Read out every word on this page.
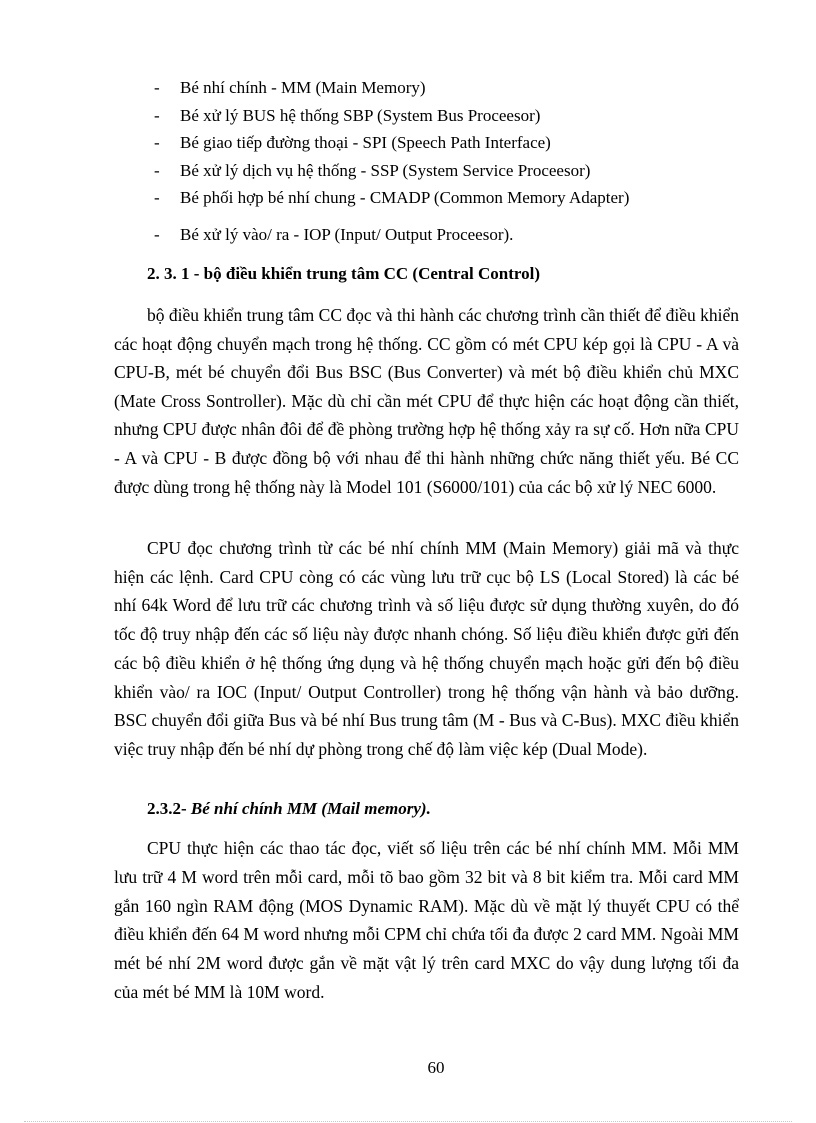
- Bé nhí chính - MM (Main Memory)
- Bé xử lý BUS hệ thống SBP (System Bus Proceesor)
- Bé giao tiếp đường thoại - SPI (Speech Path Interface)
- Bé xử lý dịch vụ hệ thống - SSP (System Service Proceesor)
- Bé phối hợp bé nhí chung - CMADP (Common Memory Adapter)
- Bé xử lý vào/ ra - IOP (Input/ Output Proceesor).
2. 3. 1 - bộ điều khiển trung tâm CC (Central Control)

bộ điều khiển trung tâm CC đọc và thi hành các chương trình cần thiết để điều khiển các hoạt động chuyển mạch trong hệ thống. CC gồm có mét CPU kép gọi là CPU - A và CPU-B, mét bé chuyển đổi Bus BSC (Bus Converter) và mét bộ điều khiển chủ MXC (Mate Cross Sontroller). Mặc dù chỉ cần mét CPU để thực hiện các hoạt động cần thiết, nhưng CPU được nhân đôi để đề phòng trường hợp hệ thống xảy ra sự cố. Hơn nữa CPU - A và CPU - B được đồng bộ với nhau để thi hành những chức năng thiết yếu. Bé CC được dùng trong hệ thống này là Model 101 (S6000/101) của các bộ xử lý NEC 6000.

CPU đọc chương trình từ các bé nhí chính MM (Main Memory) giải mã và thực hiện các lệnh. Card CPU còng có các vùng lưu trữ cục bộ LS (Local Stored) là các bé nhí 64k Word để lưu trữ các chương trình và số liệu được sử dụng thường xuyên, do đó tốc độ truy nhập đến các số liệu này được nhanh chóng. Số liệu điều khiển được gửi đến các bộ điều khiển ở hệ thống ứng dụng và hệ thống chuyển mạch hoặc gửi đến bộ điều khiển vào/ ra IOC (Input/ Output Controller) trong hệ thống vận hành và bảo dưỡng. BSC chuyển đổi giữa Bus và bé nhí Bus trung tâm (M - Bus và C-Bus). MXC điều khiển việc truy nhập đến bé nhí dự phòng trong chế độ làm việc kép (Dual Mode).

2.3.2- Bé nhí chính MM (Mail memory).

CPU thực hiện các thao tác đọc, viết số liệu trên các bé nhí chính MM. Mỗi MM lưu trữ 4 M word trên mỗi card, mỗi tõ bao gồm 32 bit và 8 bit kiểm tra. Mỗi card MM gắn 160 ngìn RAM động (MOS Dynamic RAM). Mặc dù về mặt lý thuyết CPU có thể điều khiển đến 64 M word nhưng mỗi CPM chỉ chứa tối đa được 2 card MM. Ngoài MM mét bé nhí 2M word được gắn về mặt vật lý trên card MXC do vậy dung lượng tối đa của mét bé MM là 10M word.

60
